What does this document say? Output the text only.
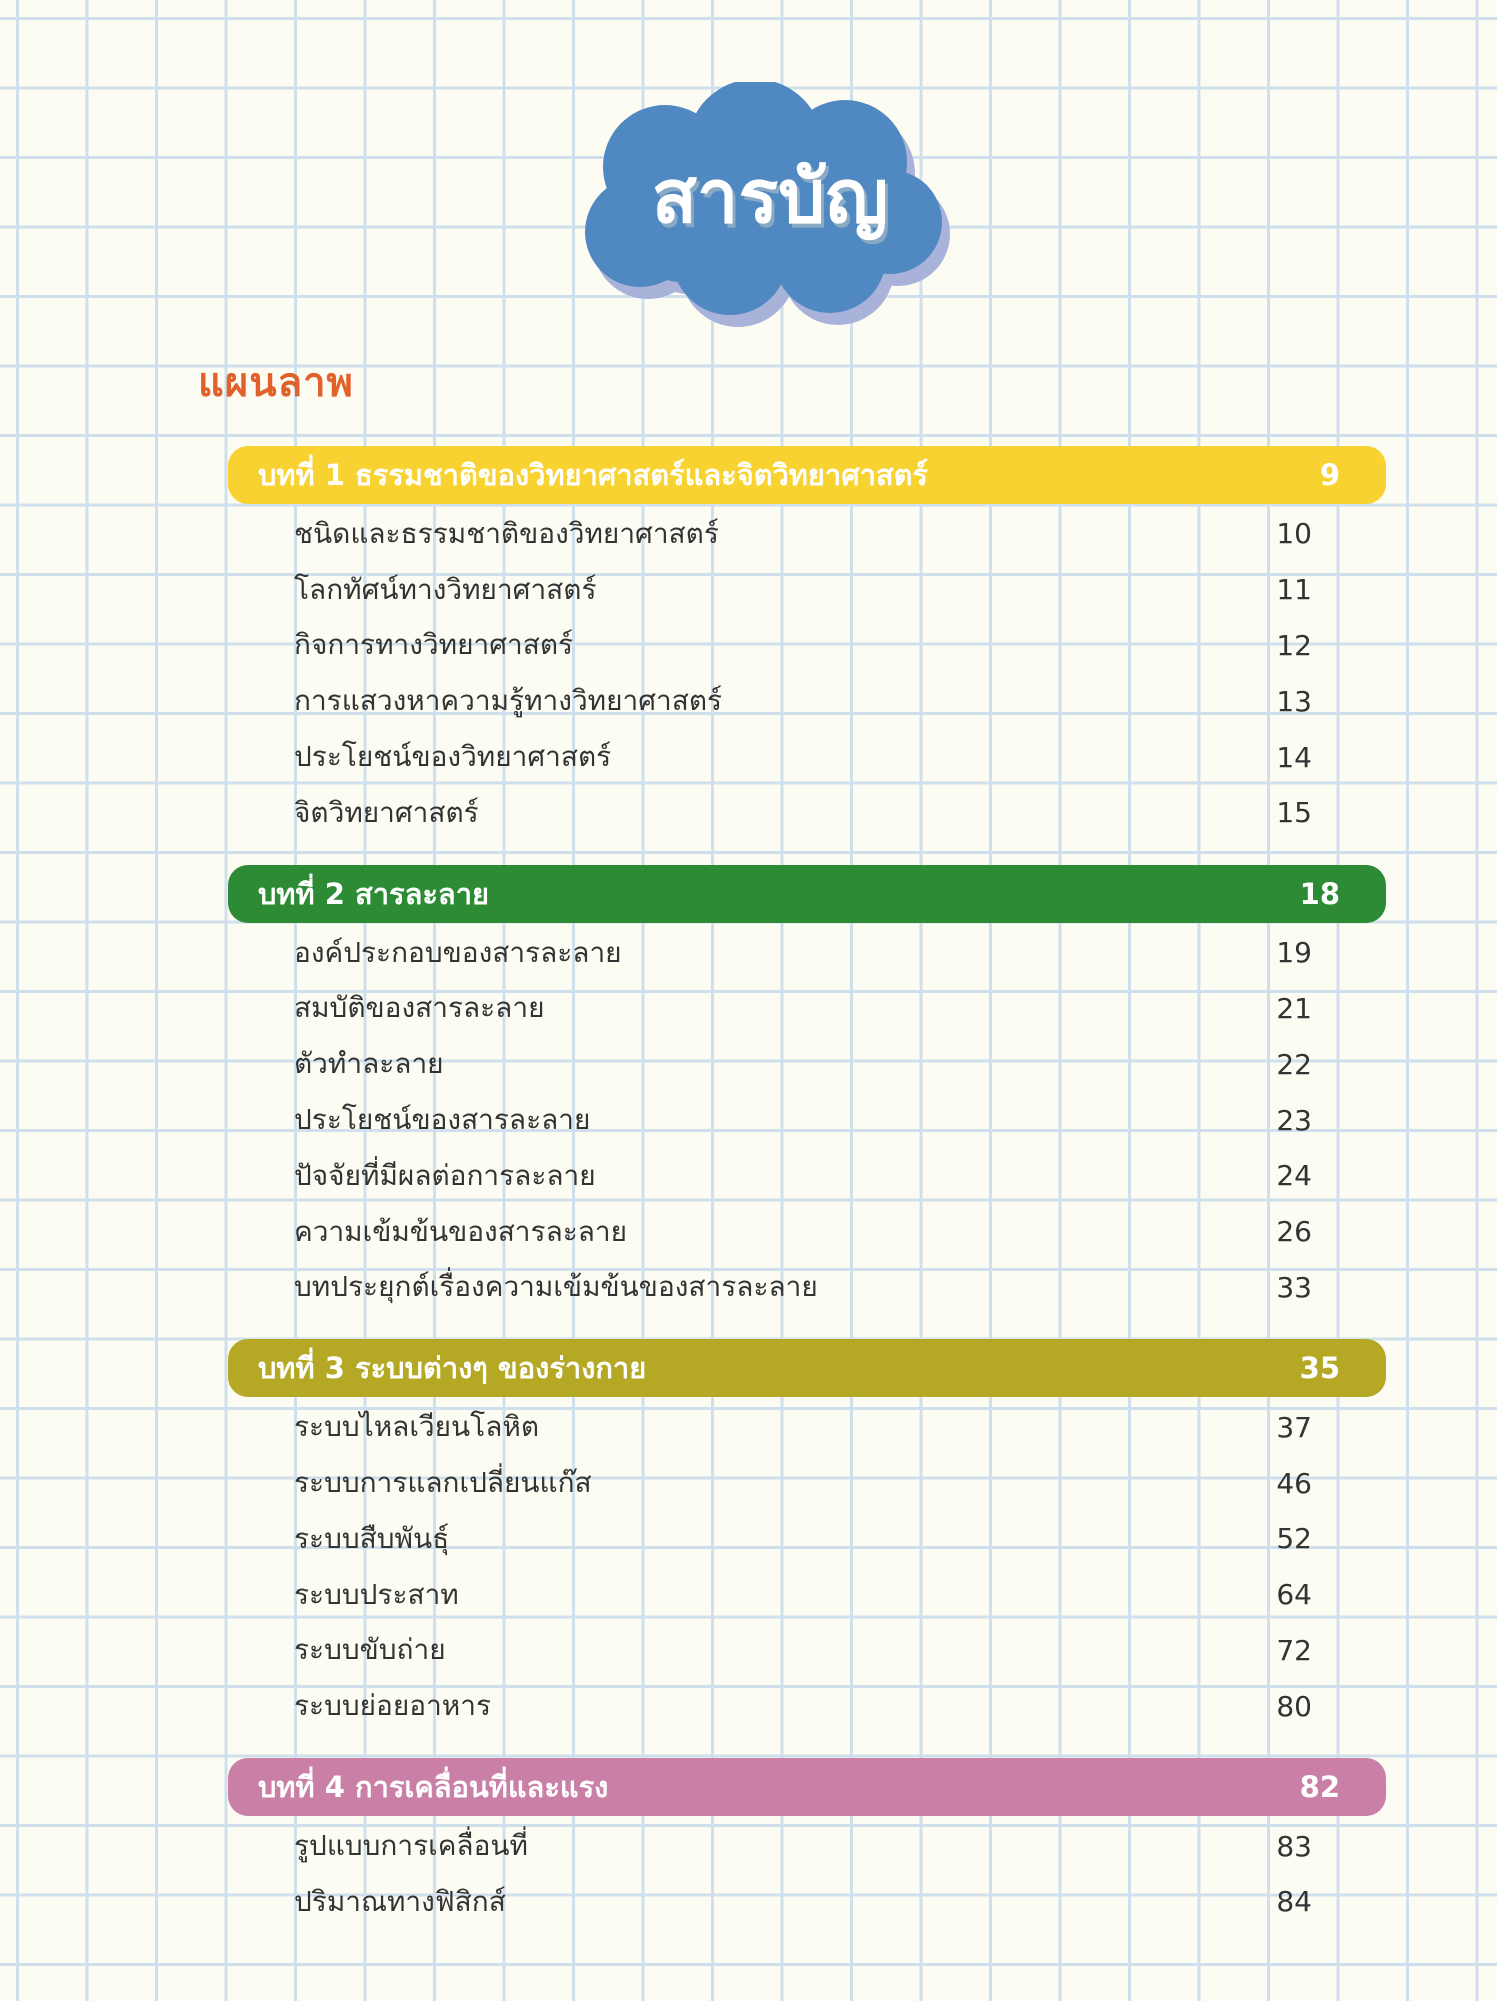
สารบัญ
แผนลาพ
บทที่ 1 ธรรมชาติของวิทยาศาสตร์และจิตวิทยาศาสตร์	9
ชนิดและธรรมชาติของวิทยาศาสตร์	10
โลกทัศน์ทางวิทยาศาสตร์	11
กิจการทางวิทยาศาสตร์	12
การแสวงหาความรู้ทางวิทยาศาสตร์	13
ประโยชน์ของวิทยาศาสตร์	14
จิตวิทยาศาสตร์	15
บทที่ 2 สารละลาย	18
องค์ประกอบของสารละลาย	19
สมบัติของสารละลาย	21
ตัวทำละลาย	22
ประโยชน์ของสารละลาย	23
ปัจจัยที่มีผลต่อการละลาย	24
ความเข้มข้นของสารละลาย	26
บทประยุกต์เรื่องความเข้มข้นของสารละลาย	33
บทที่ 3 ระบบต่างๆ ของร่างกาย	35
ระบบไหลเวียนโลหิต	37
ระบบการแลกเปลี่ยนแก๊ส	46
ระบบสืบพันธุ์	52
ระบบประสาท	64
ระบบขับถ่าย	72
ระบบย่อยอาหาร	80
บทที่ 4 การเคลื่อนที่และแรง	82
รูปแบบการเคลื่อนที่	83
ปริมาณทางฟิสิกส์	84
